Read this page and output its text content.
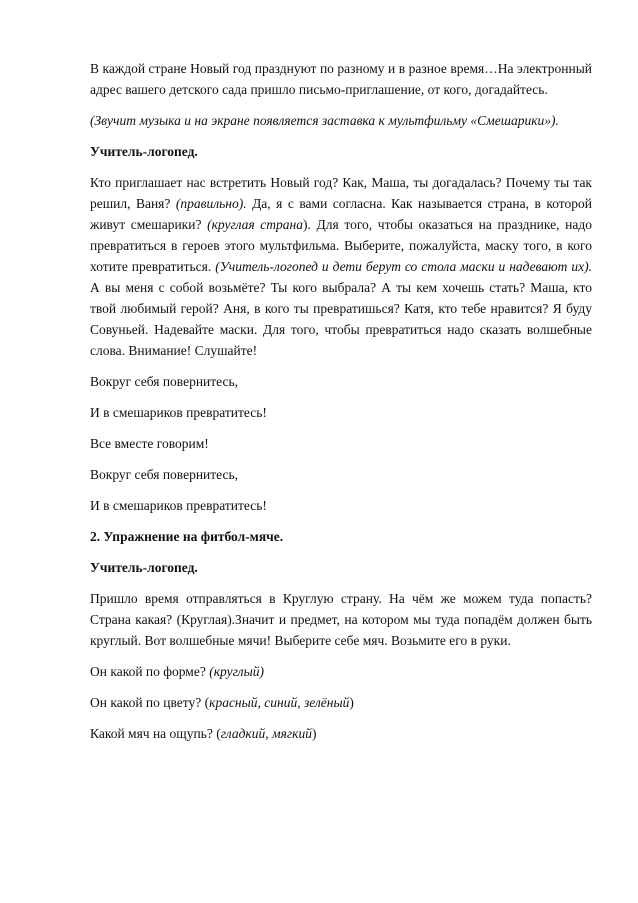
В каждой стране Новый год празднуют по разному и в разное время…На электронный адрес вашего детского сада пришло письмо-приглашение, от кого, догадайтесь.

(Звучит музыка и на экране появляется заставка к мультфильму «Смешарики»).

Учитель-логопед.

Кто приглашает нас встретить Новый год? Как, Маша, ты догадалась? Почему ты так решил, Ваня? (правильно). Да, я с вами согласна. Как называется страна, в которой живут смешарики? (круглая страна). Для того, чтобы оказаться на празднике, надо превратиться в героев этого мультфильма. Выберите, пожалуйста, маску того, в кого хотите превратиться. (Учитель-логопед и дети берут со стола маски и надевают их). А вы меня с собой возьмёте? Ты кого выбрала? А ты кем хочешь стать? Маша, кто твой любимый герой? Аня, в кого ты превратишься? Катя, кто тебе нравится? Я буду Совуньей. Надевайте маски. Для того, чтобы превратиться надо сказать волшебные слова. Внимание! Слушайте!

Вокруг себя повернитесь,

И в смешариков превратитесь!

Все вместе говорим!

Вокруг себя повернитесь,

И в смешариков превратитесь!

2. Упражнение на фитбол-мяче.

Учитель-логопед.

Пришло время отправляться в Круглую страну. На чём же можем туда попасть? Страна какая? (Круглая).Значит и предмет, на котором мы туда попадём должен быть круглый. Вот волшебные мячи! Выберите себе мяч. Возьмите его в руки.

Он какой по форме? (круглый)

Он какой по цвету? (красный, синий, зелёный)

Какой мяч на ощупь? (гладкий, мягкий)
